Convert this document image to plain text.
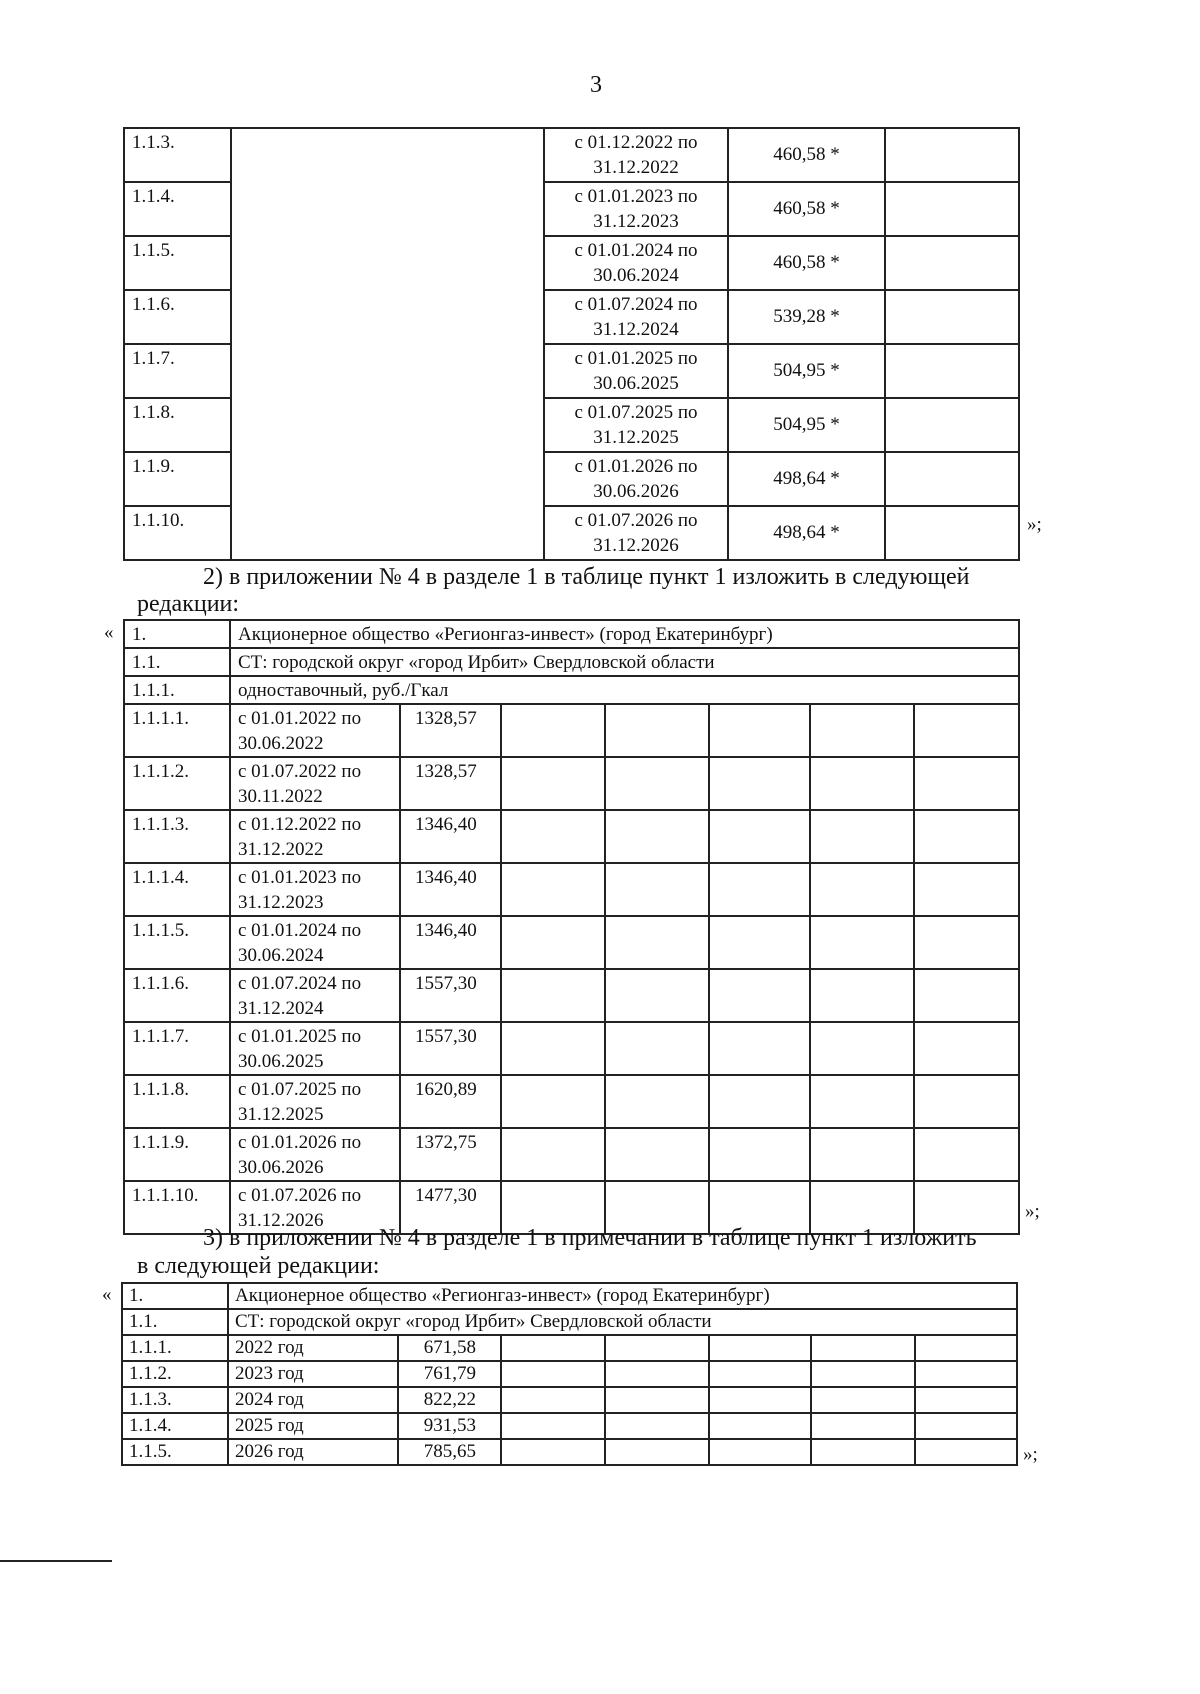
3
1.1.3.		с 01.12.2022 по
31.12.2022	460,58 *	
1.1.4.		с 01.01.2023 по
31.12.2023	460,58 *	
1.1.5.		с 01.01.2024 по
30.06.2024	460,58 *	
1.1.6.		с 01.07.2024 по
31.12.2024	539,28 *	
1.1.7.		с 01.01.2025 по
30.06.2025	504,95 *	
1.1.8.		с 01.07.2025 по
31.12.2025	504,95 *	
1.1.9.		с 01.01.2026 по
30.06.2026	498,64 *	
1.1.10.		с 01.07.2026 по
31.12.2026	498,64 *		»;
2) в приложении № 4 в разделе 1 в таблице пункт 1 изложить в следующей
редакции:
« 1.	Акционерное общество «Регионгаз-инвест» (город Екатеринбург)						
1.1.	СТ: городской округ «город Ирбит» Свердловской области						
1.1.1.	одноставочный, руб./Гкал						
1.1.1.1.	с 01.01.2022 по
30.06.2022	1328,57					
1.1.1.2.	с 01.07.2022 по
30.11.2022	1328,57					
1.1.1.3.	с 01.12.2022 по
31.12.2022	1346,40					
1.1.1.4.	с 01.01.2023 по
31.12.2023	1346,40					
1.1.1.5.	с 01.01.2024 по
30.06.2024	1346,40					
1.1.1.6.	с 01.07.2024 по
31.12.2024	1557,30					
1.1.1.7.	с 01.01.2025 по
30.06.2025	1557,30					
1.1.1.8.	с 01.07.2025 по
31.12.2025	1620,89					
1.1.1.9.	с 01.01.2026 по
30.06.2026	1372,75					
1.1.1.10.	с 01.07.2026 по
31.12.2026	1477,30					
»;
3) в приложении № 4 в разделе 1 в примечании в таблице пункт 1 изложить
в следующей редакции:
« 1.	Акционерное общество «Регионгаз-инвест» (город Екатеринбург)						
1.1.	СТ: городской округ «город Ирбит» Свердловской области						
1.1.1.	2022 год	671,58					
1.1.2.	2023 год	761,79					
1.1.3.	2024 год	822,22					
1.1.4.	2025 год	931,53					
1.1.5.	2026 год	785,65						»;
